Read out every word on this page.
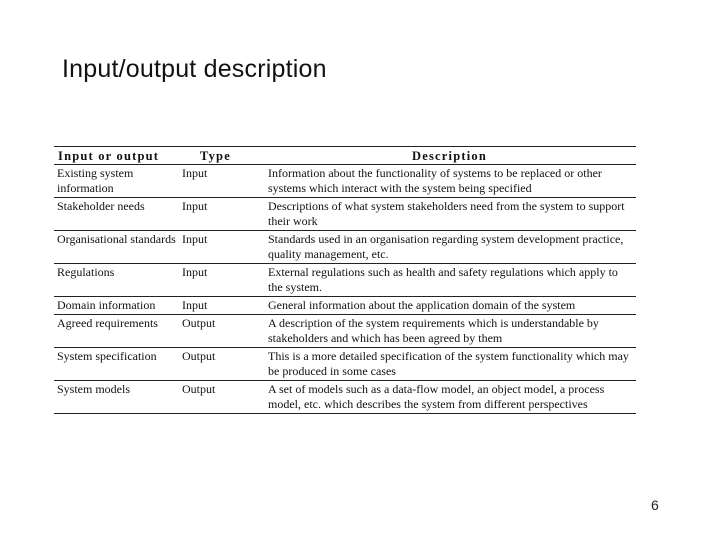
Input/output description
Input or output	Type	Description
Existing system information	Input	Information about the functionality of systems to be replaced or other systems which interact with the system being specified
Stakeholder needs	Input	Descriptions of what system stakeholders need from the system to support their work
Organisational standards	Input	Standards used in an organisation regarding system development practice, quality management, etc.
Regulations	Input	External regulations such as health and safety regulations which apply to the system.
Domain information	Input	General information about the application domain of the system
Agreed requirements	Output	A description of the system requirements which is understandable by stakeholders and which has been agreed by them
System specification	Output	This is a more detailed specification of the system functionality which may be produced in some cases
System models	Output	A set of models such as a data-flow model, an object model, a process model, etc. which describes the system from different perspectives
6
